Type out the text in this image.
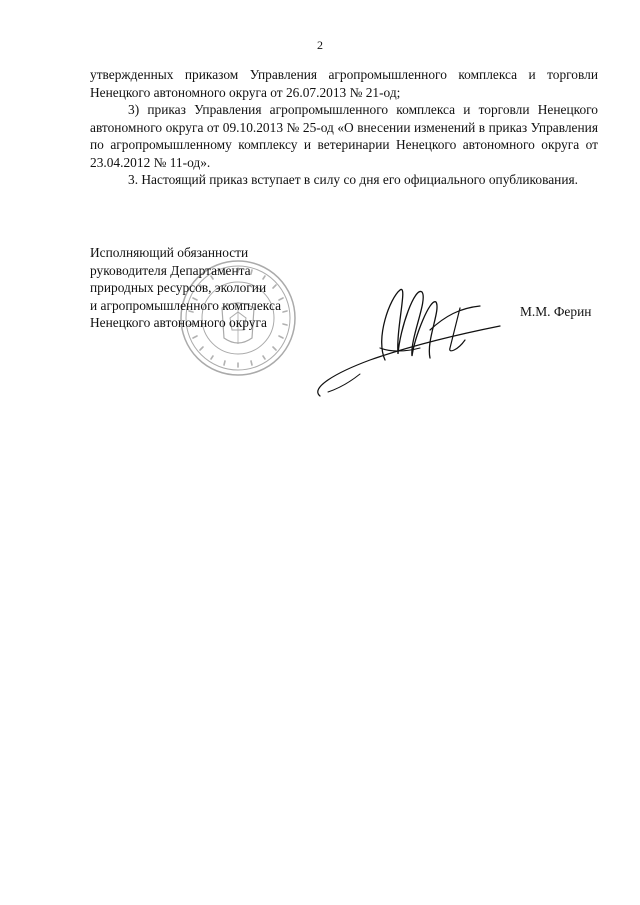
2

утвержденных приказом Управления агропромышленного комплекса и торговли Ненецкого автономного округа от 26.07.2013 № 21-од;

3) приказ Управления агропромышленного комплекса и торговли Ненецкого автономного округа от 09.10.2013 № 25-од «О внесении изменений в приказ Управления по агропромышленному комплексу и ветеринарии Ненецкого автономного округа от 23.04.2012 № 11-од».

3. Настоящий приказ вступает в силу со дня его официального опубликования.

Исполняющий обязанности
руководителя Департамента
природных ресурсов, экологии
и агропромышленного комплекса
Ненецкого автономного округа
М.М. Ферин
